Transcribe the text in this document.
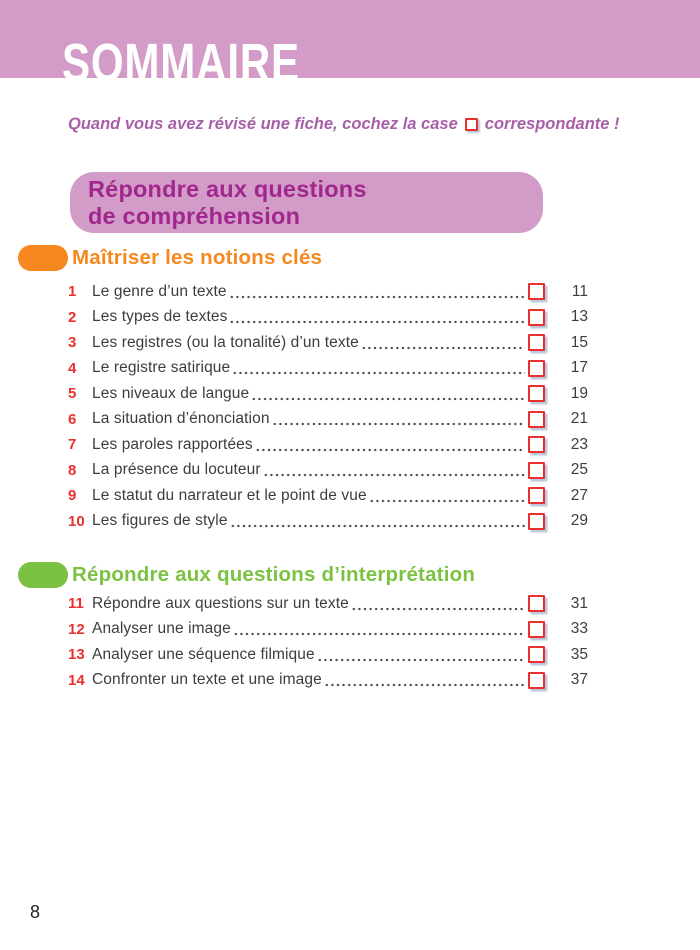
SOMMAIRE
Quand vous avez révisé une fiche, cochez la case correspondante !
Répondre aux questions
de compréhension
Maîtriser les notions clés
1	Le genre d’un texte	11
2	Les types de textes	13
3	Les registres (ou la tonalité) d’un texte	15
4	Le registre satirique	17
5	Les niveaux de langue	19
6	La situation d’énonciation	21
7	Les paroles rapportées	23
8	La présence du locuteur	25
9	Le statut du narrateur et le point de vue	27
10 Les figures de style	29
Répondre aux questions d’interprétation
11 Répondre aux questions sur un texte	31
12 Analyser une image	33
13 Analyser une séquence filmique	35
14 Confronter un texte et une image	37
8
